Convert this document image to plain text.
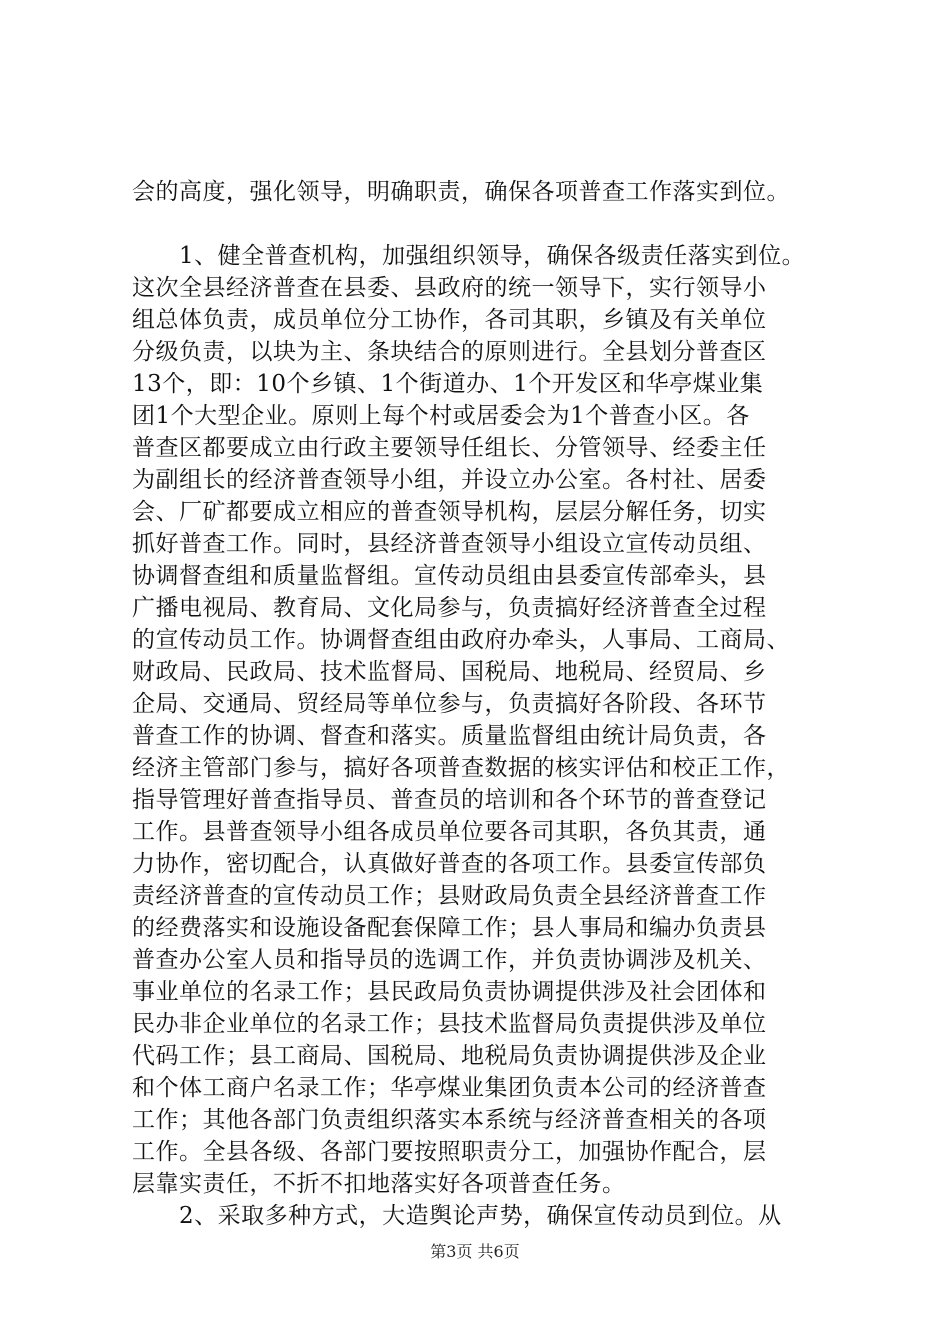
会的高度，强化领导，明确职责，确保各项普查工作落实到位。
　　1、健全普查机构，加强组织领导，确保各级责任落实到位。
这次全县经济普查在县委、县政府的统一领导下，实行领导小
组总体负责，成员单位分工协作，各司其职，乡镇及有关单位
分级负责，以块为主、条块结合的原则进行。全县划分普查区
13个，即：10个乡镇、1个街道办、1个开发区和华亭煤业集
团1个大型企业。原则上每个村或居委会为1个普查小区。各
普查区都要成立由行政主要领导任组长、分管领导、经委主任
为副组长的经济普查领导小组，并设立办公室。各村社、居委
会、厂矿都要成立相应的普查领导机构，层层分解任务，切实
抓好普查工作。同时，县经济普查领导小组设立宣传动员组、
协调督查组和质量监督组。宣传动员组由县委宣传部牵头，县
广播电视局、教育局、文化局参与，负责搞好经济普查全过程
的宣传动员工作。协调督查组由政府办牵头，人事局、工商局、
财政局、民政局、技术监督局、国税局、地税局、经贸局、乡
企局、交通局、贸经局等单位参与，负责搞好各阶段、各环节
普查工作的协调、督查和落实。质量监督组由统计局负责，各
经济主管部门参与，搞好各项普查数据的核实评估和校正工作，
指导管理好普查指导员、普查员的培训和各个环节的普查登记
工作。县普查领导小组各成员单位要各司其职，各负其责，通
力协作，密切配合，认真做好普查的各项工作。县委宣传部负
责经济普查的宣传动员工作；县财政局负责全县经济普查工作
的经费落实和设施设备配套保障工作；县人事局和编办负责县
普查办公室人员和指导员的选调工作，并负责协调涉及机关、
事业单位的名录工作；县民政局负责协调提供涉及社会团体和
民办非企业单位的名录工作；县技术监督局负责提供涉及单位
代码工作；县工商局、国税局、地税局负责协调提供涉及企业
和个体工商户名录工作；华亭煤业集团负责本公司的经济普查
工作；其他各部门负责组织落实本系统与经济普查相关的各项
工作。全县各级、各部门要按照职责分工，加强协作配合，层
层靠实责任，不折不扣地落实好各项普查任务。
　　2、采取多种方式，大造舆论声势，确保宣传动员到位。从
第3页 共6页
